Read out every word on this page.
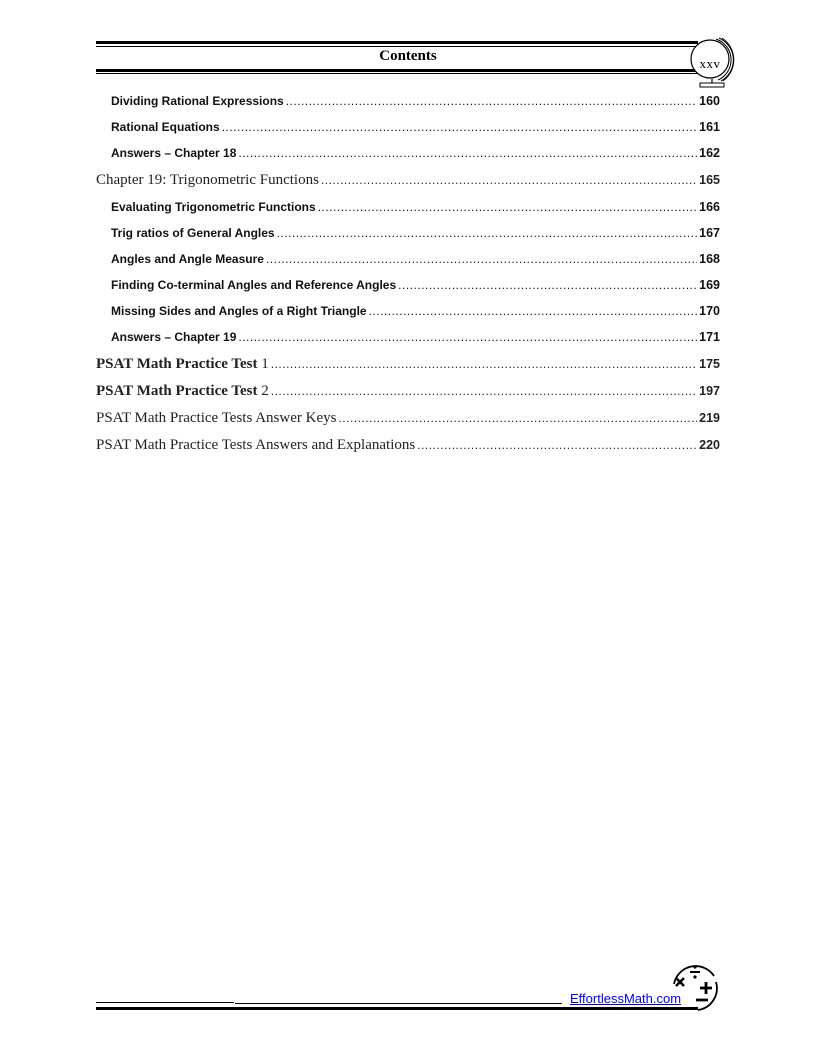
Contents	xxv
Dividing Rational Expressions .....	160
Rational Equations .....	161
Answers – Chapter 18 .....	162
Chapter 19: Trigonometric Functions .....	165
Evaluating Trigonometric Functions .....	166
Trig ratios of General Angles .....	167
Angles and Angle Measure .....	168
Finding Co-terminal Angles and Reference Angles .....	169
Missing Sides and Angles of a Right Triangle .....	170
Answers – Chapter 19 .....	171
PSAT Math Practice Test 1 .....	175
PSAT Math Practice Test 2 .....	197
PSAT Math Practice Tests Answer Keys .....	219
PSAT Math Practice Tests Answers and Explanations .....	220
EffortlessMath.com
